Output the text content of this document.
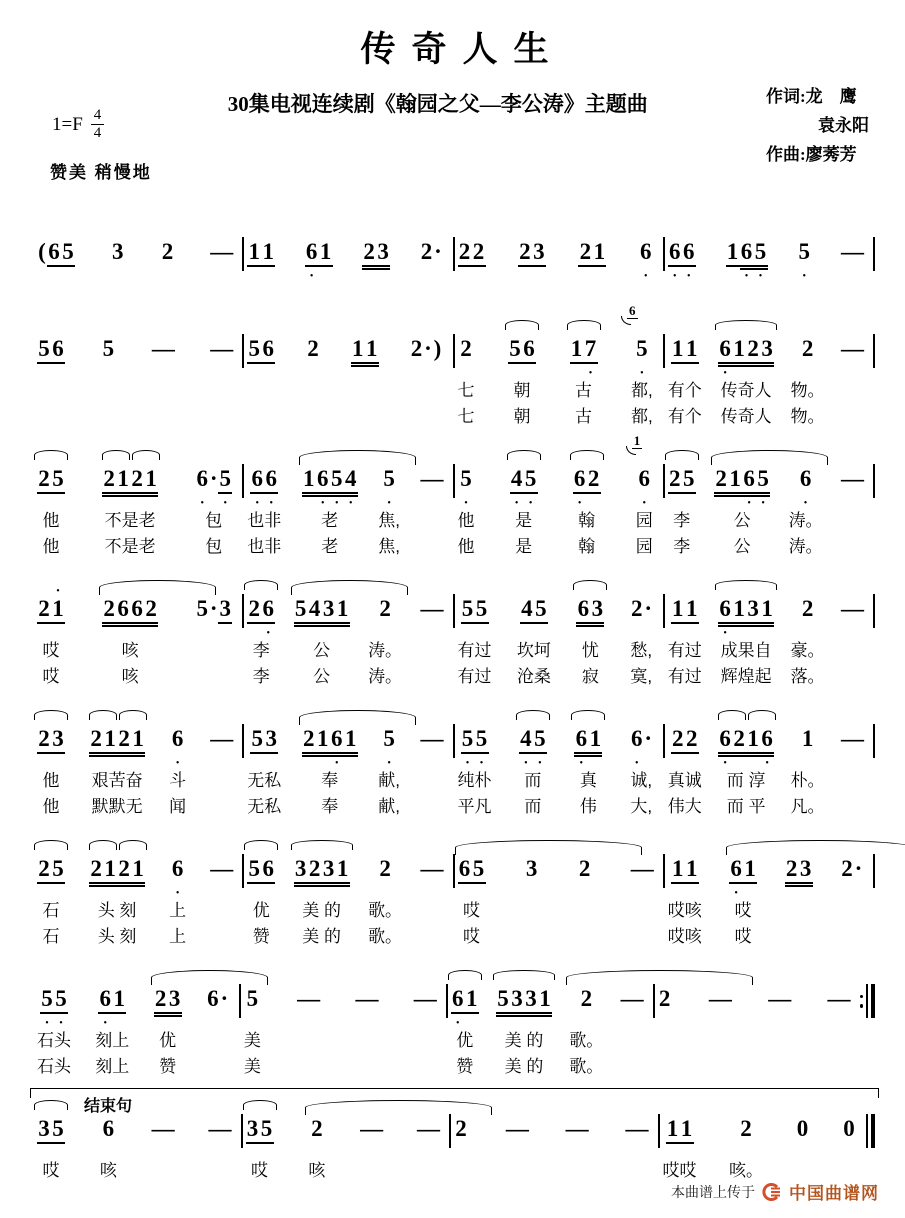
传奇人生
30集电视连续剧《翰园之父—李公涛》主题曲	作词:龙　鹰
袁永阳
作曲:廖莠芳
$1=F \frac{4}{4}$
赞美 稍慢地
( 6 5 3 2 — 1 1 6 1
•
2 3 2 · 2 2 2 3 2 1 6
•
6 6
•	•
1 6 5
•	•
5
•
—
5 6

5

—

—

5 6

2

1 1

2 · )

2
七
七
5 6
朝
朝
1 7
•
古
古
6
5
•
都,
都,
1 1
有个
有个
6 1 2 3
•
传奇人
传奇人
2
物。
物。
—

2 5
他
他
2 1 2 1
不是老
不是老
6 · 5
•	•
包
包
6 6
•	•
也非
也非
1 6 5 4
•	•	•
老
老
5
•
焦,
焦,
—

5
•
他
他
4 5
•	•
是
是
6 2
•
翰
翰
1
6
•
园
园
2 5
李
李
2 1 6 5
•	•
公
公
6
•
涛。
涛。
—

•
2 1
哎
哎
2 6 6 2
咳
咳
5 · 3

2 6
•
李
李
5 4 3 1
公
公
2
涛。
涛。
—

5 5
有过
有过
4 5
坎坷
沧桑
6 3
忧
寂
2 ·
愁,
寞,
1 1
有过
有过
6 1 3 1
•
成果自
辉煌起
2
豪。
落。
—

2 3
他
他
2 1 2 1
艰苦奋
默默无
6
•
斗
闻
—

5 3
无私
无私
2 1 6 1
•
奉
奉
5
•
献,
献,
—

5 5
•	•
纯朴
平凡
4 5
•	•
而
而
6 1
•
真
伟
6 ·
•
诚,
大,
2 2
真诚
伟大
6 2 1 6
•	•
而 淳
而 平
1
朴。
凡。
—

2 5
石
石
2 1 2 1
头 刻
头 刻
6
•
上
上
—

5 6
优
赞
3 2 3 1
美 的
美 的
2
歌。
歌。
—

6 5
哎
哎
3

2

—

1 1
哎咳
哎咳
6 1
•
哎
哎
2 3

2 ·

5 5
•	•
石头
石头
6 1
•
刻上
刻上
2 3
优
赞
6 ·

5
美
美
—

—

—

6 1
•
优
赞
5 3 3 1
美 的
美 的
2
歌。
歌。
—

2

—

—

—

结束句
3 5
哎
6
咳
—
—
3 5
哎
2
咳
—
—
2
—
—
—
1 1
哎哎
2
咳。
0
0

本曲谱上传于 中国曲谱网
